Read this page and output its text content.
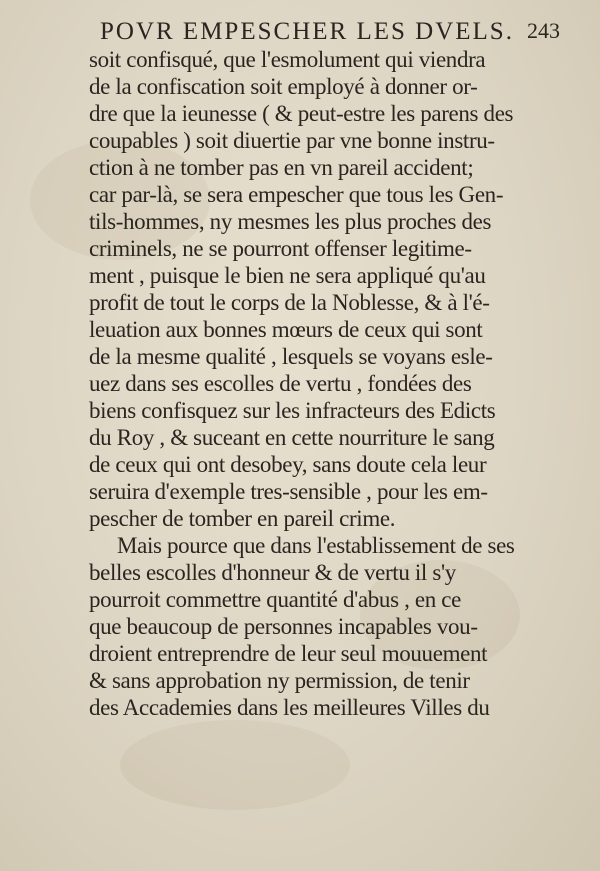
POVR EMPESCHER LES DVELS. 243
soit confisqué, que l'esmolument qui viendra
de la confiscation soit employé à donner or-
dre que la ieunesse ( & peut-estre les parens des
coupables ) soit diuertie par vne bonne instru-
ction à ne tomber pas en vn pareil accident;
car par-là, se sera empescher que tous les Gen-
tils-hommes, ny mesmes les plus proches des
criminels, ne se pourront offenser legitime-
ment , puisque le bien ne sera appliqué qu'au
profit de tout le corps de la Noblesse, & à l'é-
leuation aux bonnes mœurs de ceux qui sont
de la mesme qualité , lesquels se voyans esle-
uez dans ses escolles de vertu , fondées des
biens confisquez sur les infracteurs des Edicts
du Roy , & suceant en cette nourriture le sang
de ceux qui ont desobey, sans doute cela leur
seruira d'exemple tres-sensible , pour les em-
pescher de tomber en pareil crime.
Mais pource que dans l'establissement de ses
belles escolles d'honneur & de vertu il s'y
pourroit commettre quantité d'abus , en ce
que beaucoup de personnes incapables vou-
droient entreprendre de leur seul mouuement
& sans approbation ny permission, de tenir
des Accademies dans les meilleures Villes du
